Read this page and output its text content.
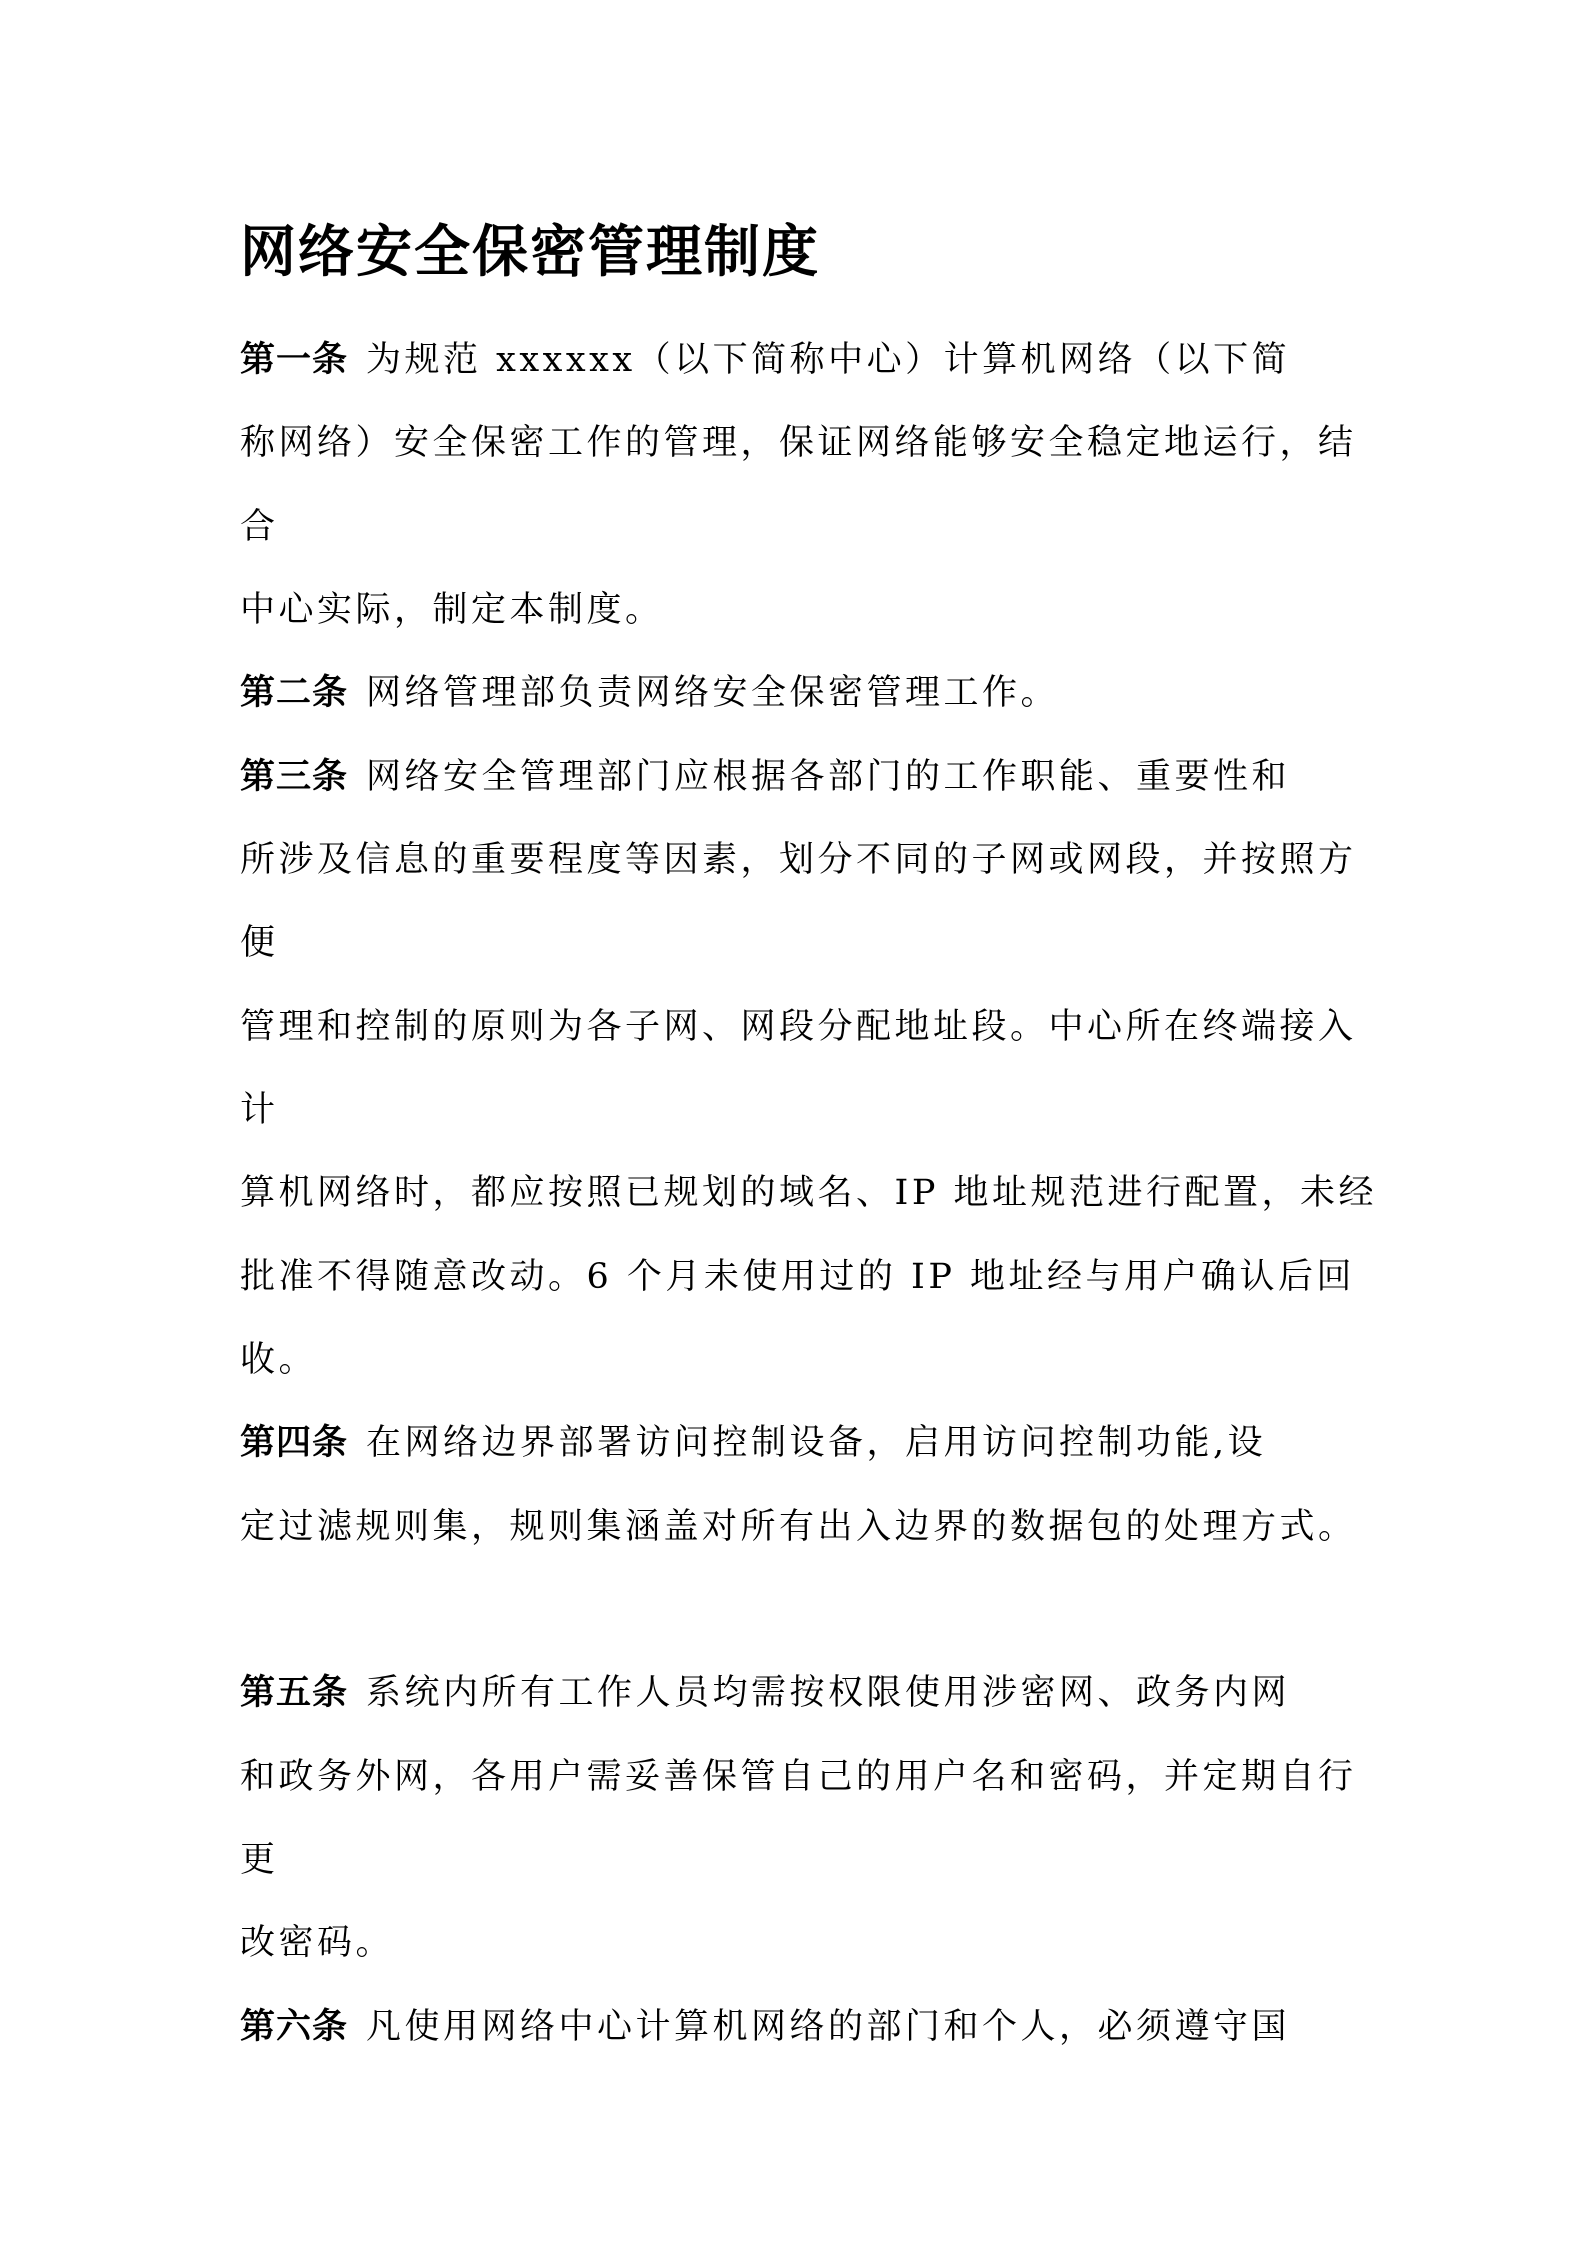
网络安全保密管理制度
第一条 为规范 xxxxxx（以下简称中心）计算机网络（以下简
称网络）安全保密工作的管理，保证网络能够安全稳定地运行，结
合
中心实际，制定本制度。
第二条 网络管理部负责网络安全保密管理工作。
第三条 网络安全管理部门应根据各部门的工作职能、重要性和
所涉及信息的重要程度等因素，划分不同的子网或网段，并按照方
便
管理和控制的原则为各子网、网段分配地址段。中心所在终端接入
计
算机网络时，都应按照已规划的域名、IP 地址规范进行配置，未经
批准不得随意改动。6 个月未使用过的 IP 地址经与用户确认后回
收。
第四条 在网络边界部署访问控制设备，启用访问控制功能,设
定过滤规则集，规则集涵盖对所有出入边界的数据包的处理方式。
第五条 系统内所有工作人员均需按权限使用涉密网、政务内网
和政务外网，各用户需妥善保管自己的用户名和密码，并定期自行
更
改密码。
第六条 凡使用网络中心计算机网络的部门和个人，必须遵守国
